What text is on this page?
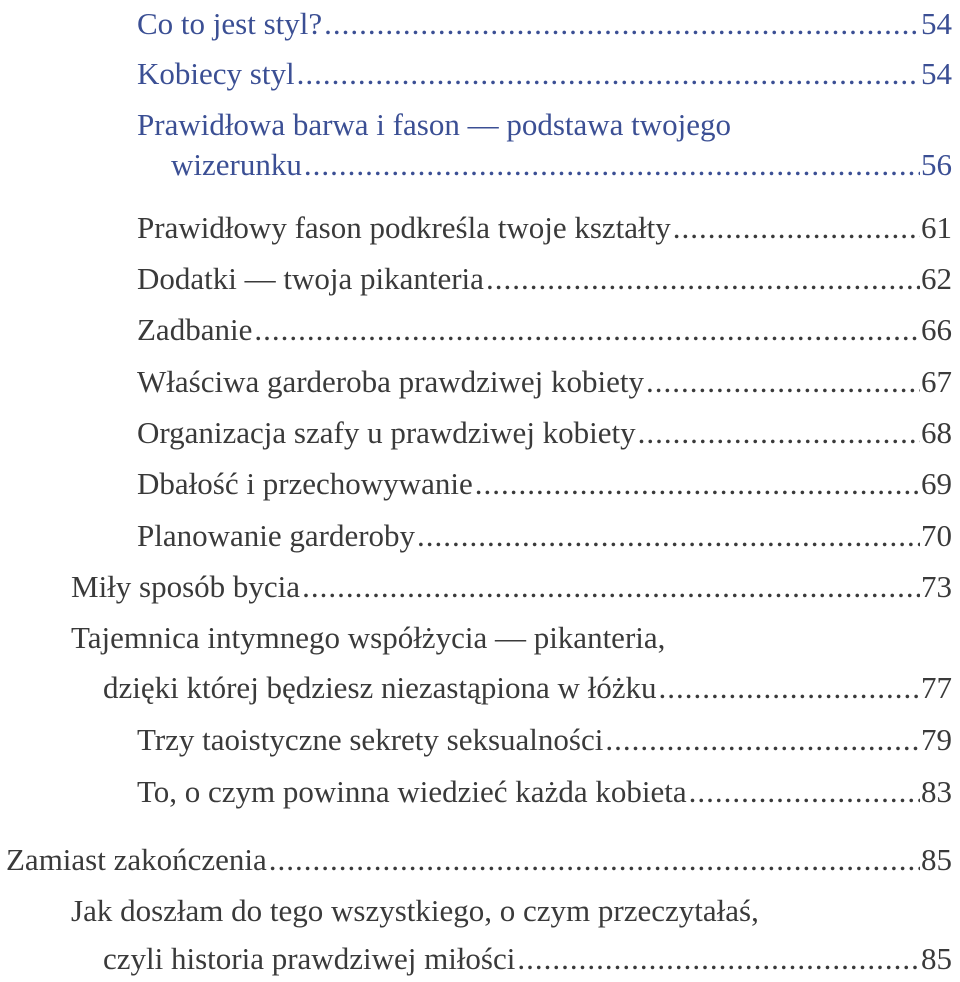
Co to jest styl? .....	54
Kobiecy styl .....	54
Prawidłowa barwa i fason — podstawa twojego
wizerunku .....	56
Prawidłowy fason podkreśla twoje kształty .....	61
Dodatki — twoja pikanteria .....	62
Zadbanie .....	66
Właściwa garderoba prawdziwej kobiety .....	67
Organizacja szafy u prawdziwej kobiety .....	68
Dbałość i przechowywanie .....	69
Planowanie garderoby .....	70
Miły sposób bycia .....	73
Tajemnica intymnego współżycia — pikanteria,
dzięki której będziesz niezastąpiona w łóżku .....	77
Trzy taoistyczne sekrety seksualności .....	79
To, o czym powinna wiedzieć każda kobieta .....	83
Zamiast zakończenia .....	85
Jak doszłam do tego wszystkiego, o czym przeczytałaś,
czyli historia prawdziwej miłości .....	85
